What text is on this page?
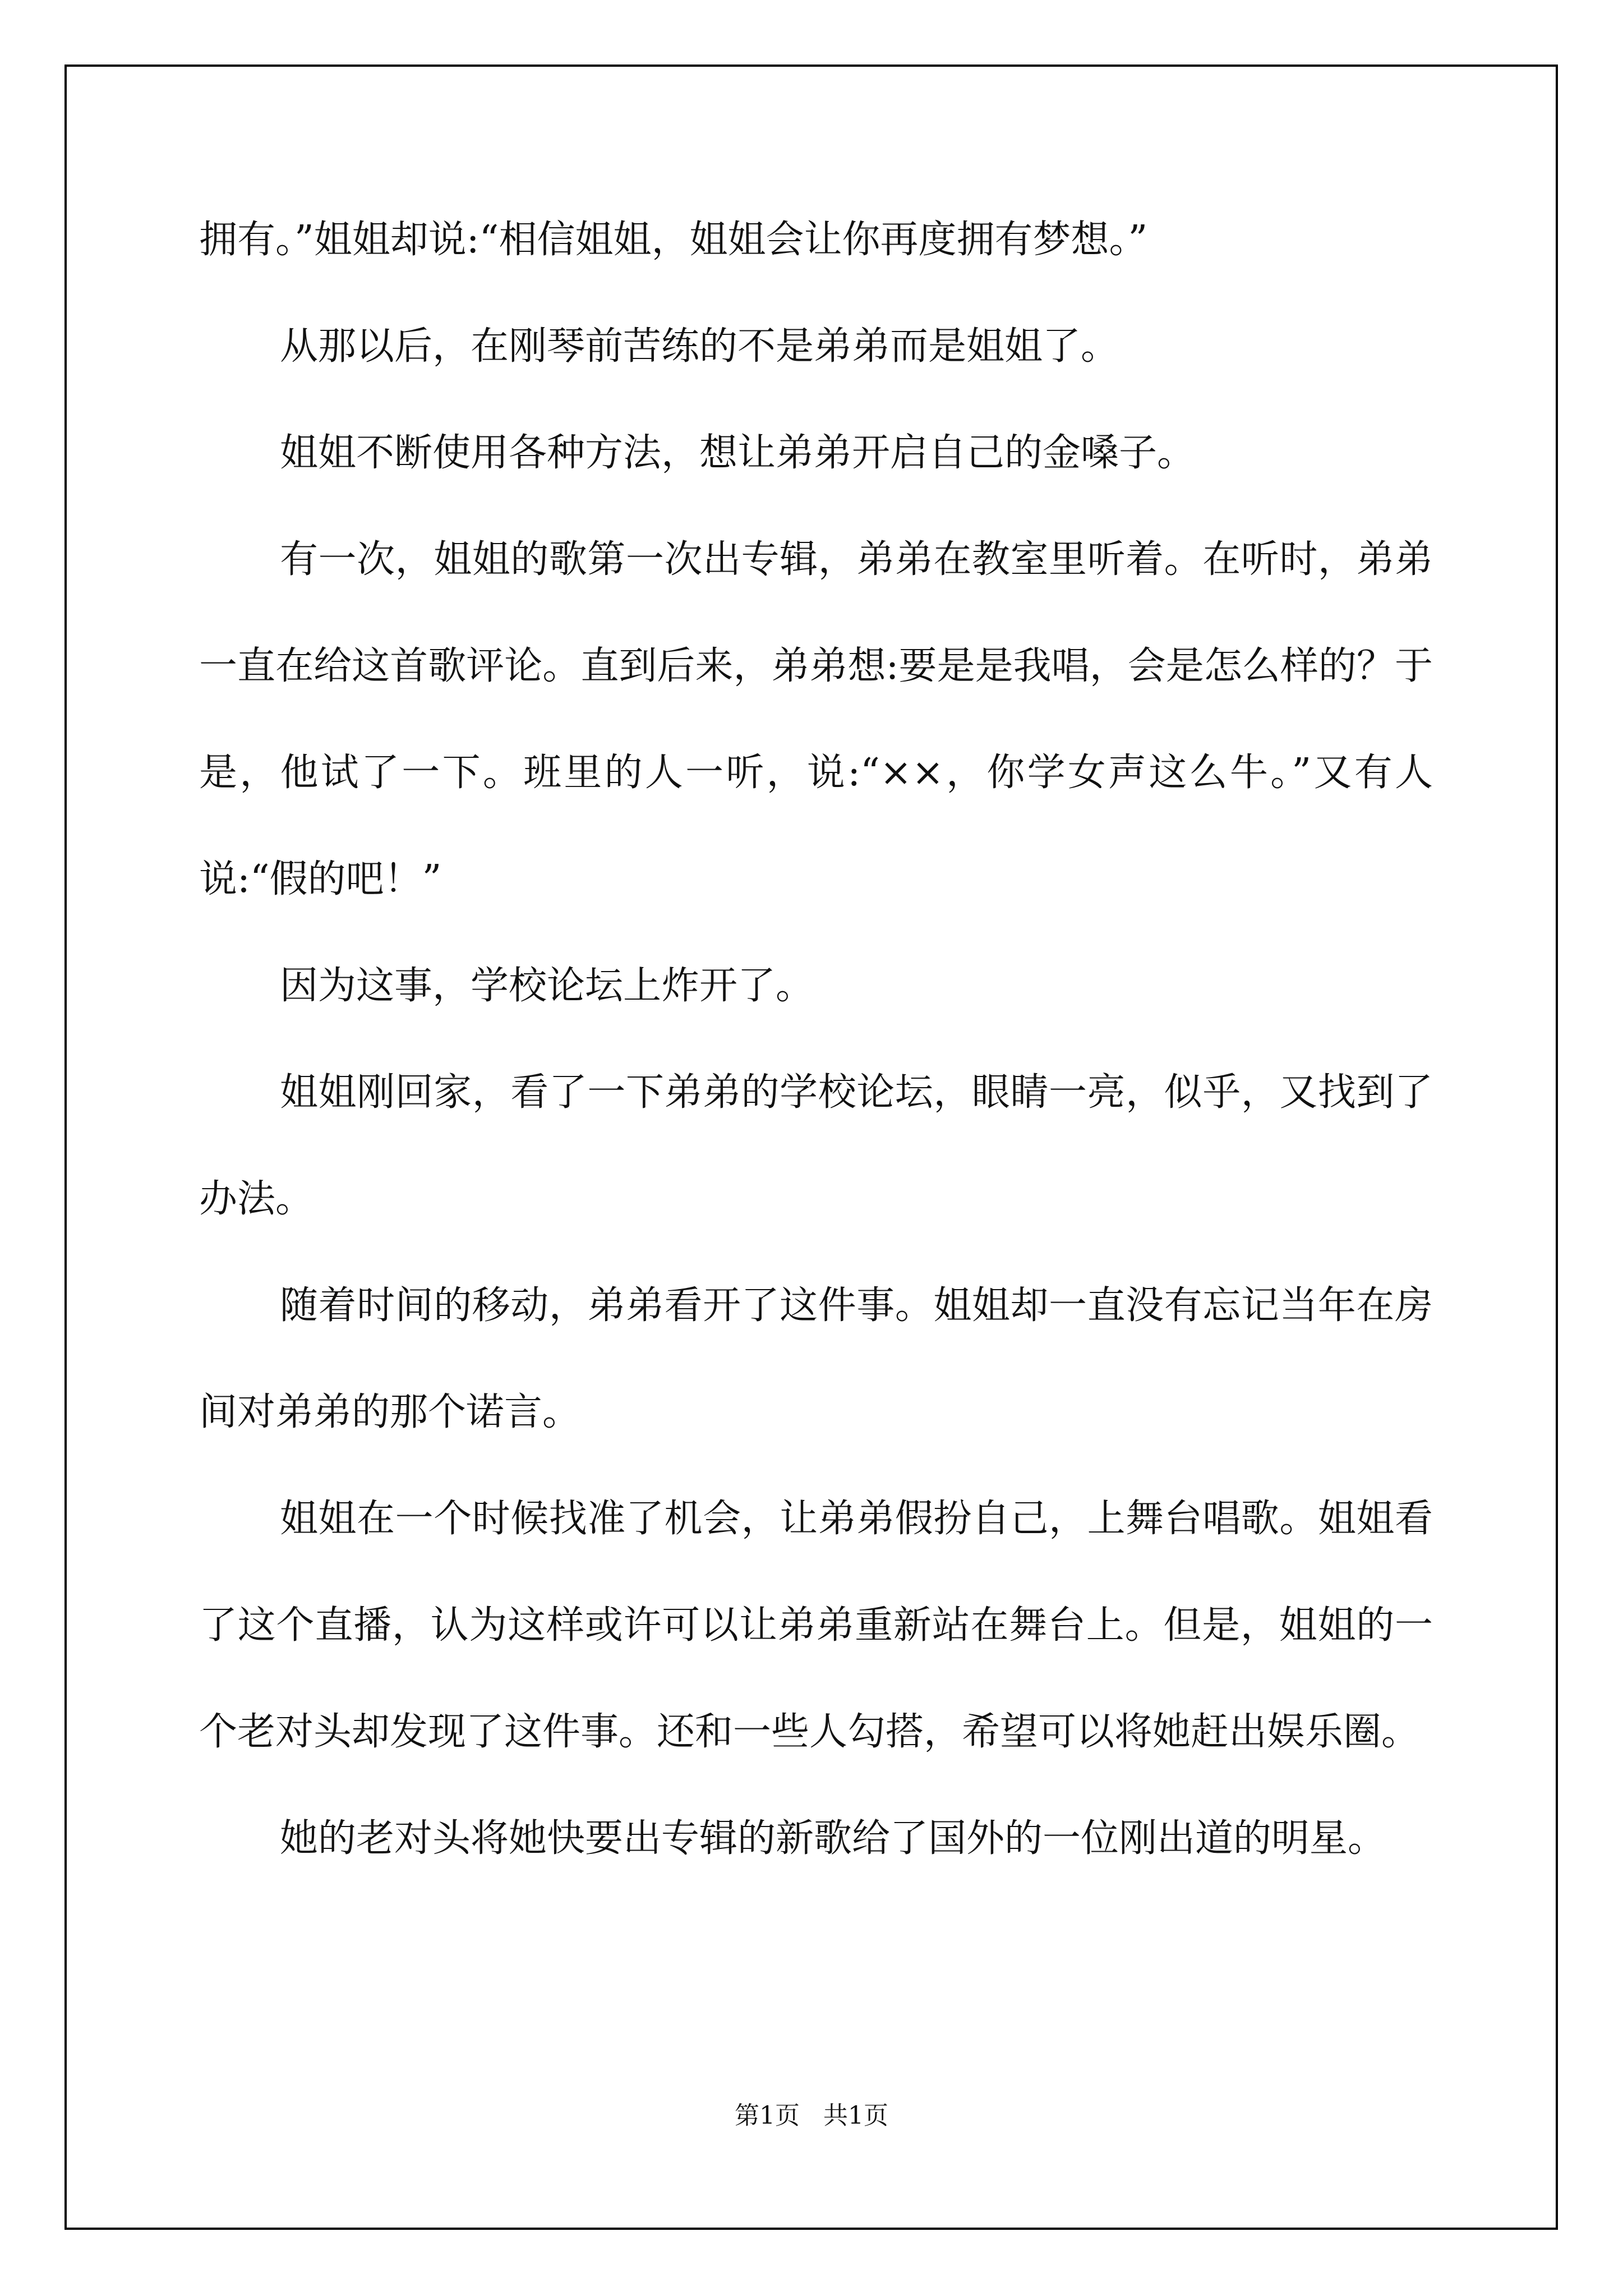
拥有。”姐姐却说:“相信姐姐，姐姐会让你再度拥有梦想。”

从那以后，在刚琴前苦练的不是弟弟而是姐姐了。

姐姐不断使用各种方法，想让弟弟开启自己的金嗓子。

有一次，姐姐的歌第一次出专辑，弟弟在教室里听着。在听时，弟弟一直在给这首歌评论。直到后来，弟弟想:要是是我唱，会是怎么样的？于是，他试了一下。班里的人一听，说:“××，你学女声这么牛。”又有人说:“假的吧！”

因为这事，学校论坛上炸开了。

姐姐刚回家，看了一下弟弟的学校论坛，眼睛一亮，似乎，又找到了办法。

随着时间的移动，弟弟看开了这件事。姐姐却一直没有忘记当年在房间对弟弟的那个诺言。

姐姐在一个时候找准了机会，让弟弟假扮自己，上舞台唱歌。姐姐看了这个直播，认为这样或许可以让弟弟重新站在舞台上。但是，姐姐的一个老对头却发现了这件事。还和一些人勾搭，希望可以将她赶出娱乐圈。

她的老对头将她快要出专辑的新歌给了国外的一位刚出道的明星。

第1页   共1页
